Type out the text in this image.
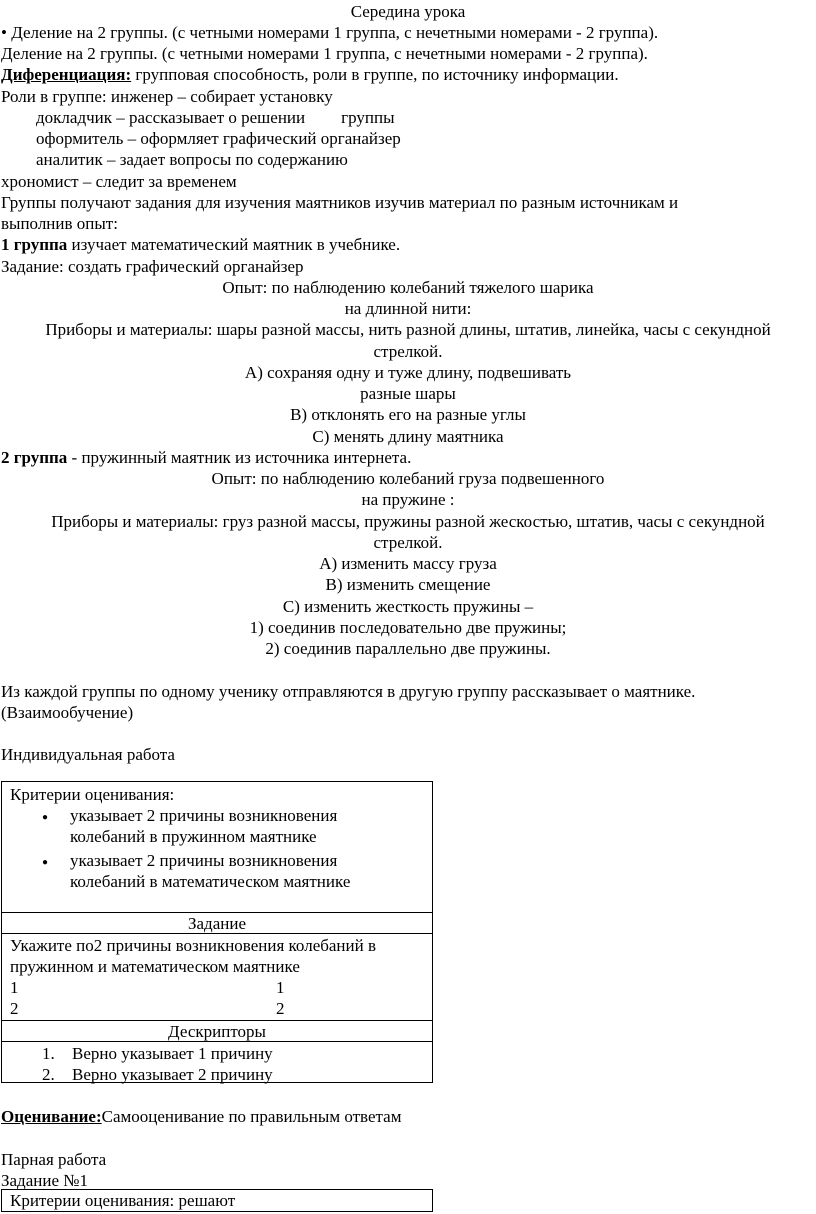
Середина урока
• Деление на 2 группы. (с четными номерами 1 группа, с нечетными номерами - 2 группа).
Деление на 2 группы. (с четными номерами 1 группа, с нечетными номерами - 2 группа).
Диференциация: групповая способность, роли в группе, по источнику информации.
Роли в группе: инженер – собирает установку
докладчик – рассказывает о решении группы
оформитель – оформляет графический органайзер
аналитик – задает вопросы по содержанию
хрономист – следит за временем
Группы получают задания для изучения маятников изучив материал по разным источникам и
выполнив опыт:
1 группа изучает математический маятник в учебнике.
Задание: создать графический органайзер
Опыт: по наблюдению колебаний тяжелого шарика
на длинной нити:
Приборы и материалы: шары разной массы, нить разной длины, штатив, линейка, часы с секундной
стрелкой.
А) сохраняя одну и туже длину, подвешивать
разные шары
В) отклонять его на разные углы
С) менять длину маятника
2 группа - пружинный маятник из источника интернета.
Опыт: по наблюдению колебаний груза подвешенного
на пружине :
Приборы и материалы: груз разной массы, пружины разной жескостью, штатив, часы с секундной
стрелкой.
А) изменить массу груза
В) изменить смещение
С) изменить жесткость пружины –
1) соединив последовательно две пружины;
2) соединив параллельно две пружины.
Из каждой группы по одному ученику отправляются в другую группу рассказывает о маятнике.
(Взаимообучение)
Индивидуальная работа
Критерии оценивания:
● указывает 2 причины возникновения
колебаний в пружинном маятнике
● указывает 2 причины возникновения
колебаний в математическом маятнике
Задание
Укажите по2 причины возникновения колебаний в
пружинном и математическом маятнике
1	1
2	2
Дескрипторы
1. Верно указывает 1 причину
2. Верно указывает 2 причину
Оценивание:Самооценивание по правильным ответам
Парная работа
Задание №1
Критерии оценивания: решают
